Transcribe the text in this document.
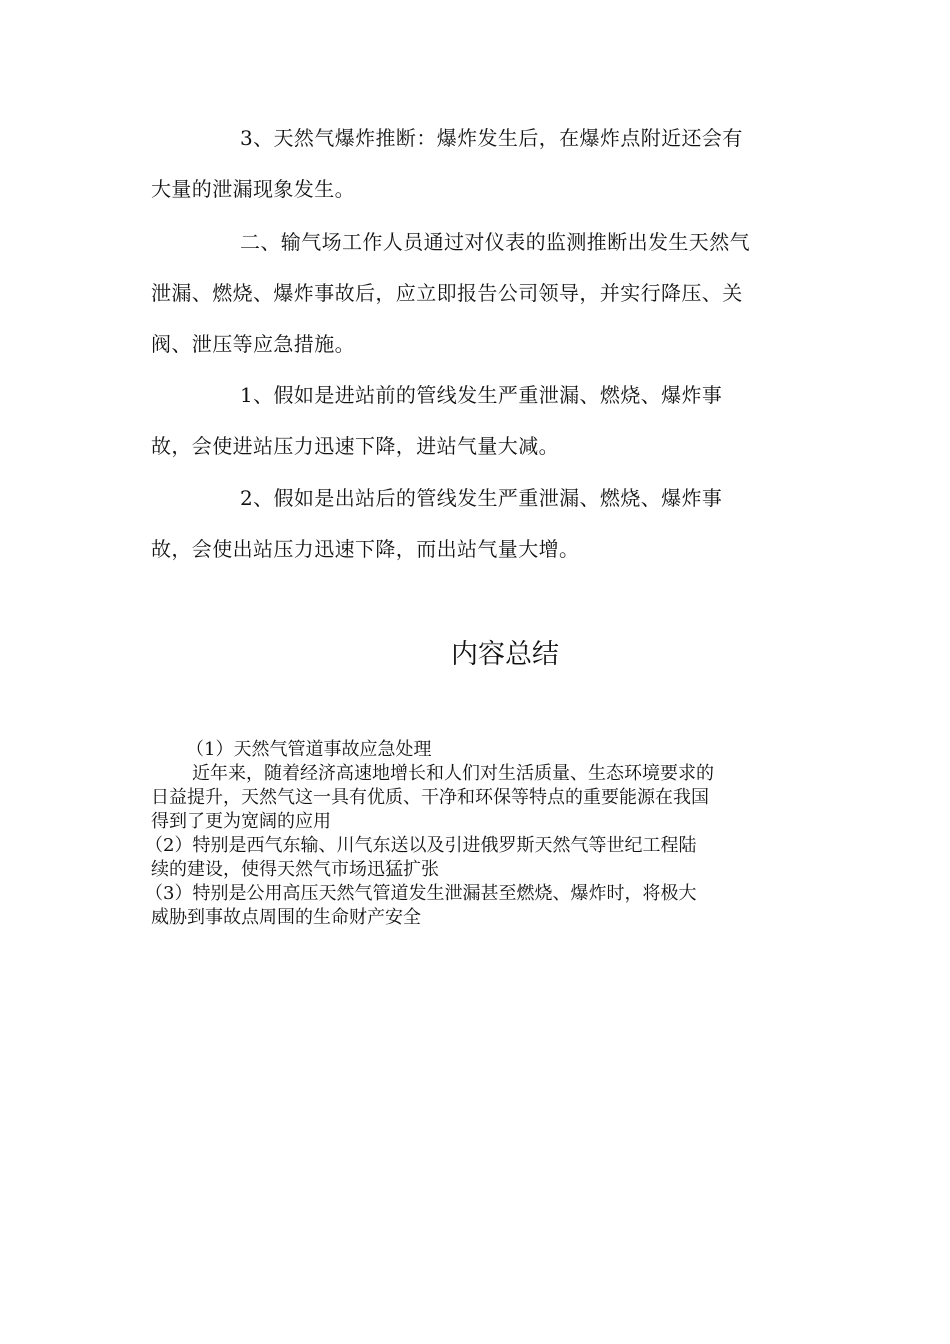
3、天然气爆炸推断：爆炸发生后，在爆炸点附近还会有
大量的泄漏现象发生。
二、输气场工作人员通过对仪表的监测推断出发生天然气
泄漏、燃烧、爆炸事故后，应立即报告公司领导，并实行降压、关
阀、泄压等应急措施。
1、假如是进站前的管线发生严重泄漏、燃烧、爆炸事
故，会使进站压力迅速下降，进站气量大减。
2、假如是出站后的管线发生严重泄漏、燃烧、爆炸事
故，会使出站压力迅速下降，而出站气量大增。
内容总结
（1）天然气管道事故应急处理
近年来，随着经济高速地增长和人们对生活质量、生态环境要求的
日益提升，天然气这一具有优质、干净和环保等特点的重要能源在我国
得到了更为宽阔的应用
（2）特别是西气东输、川气东送以及引进俄罗斯天然气等世纪工程陆
续的建设，使得天然气市场迅猛扩张
（3）特别是公用高压天然气管道发生泄漏甚至燃烧、爆炸时，将极大
威胁到事故点周围的生命财产安全
